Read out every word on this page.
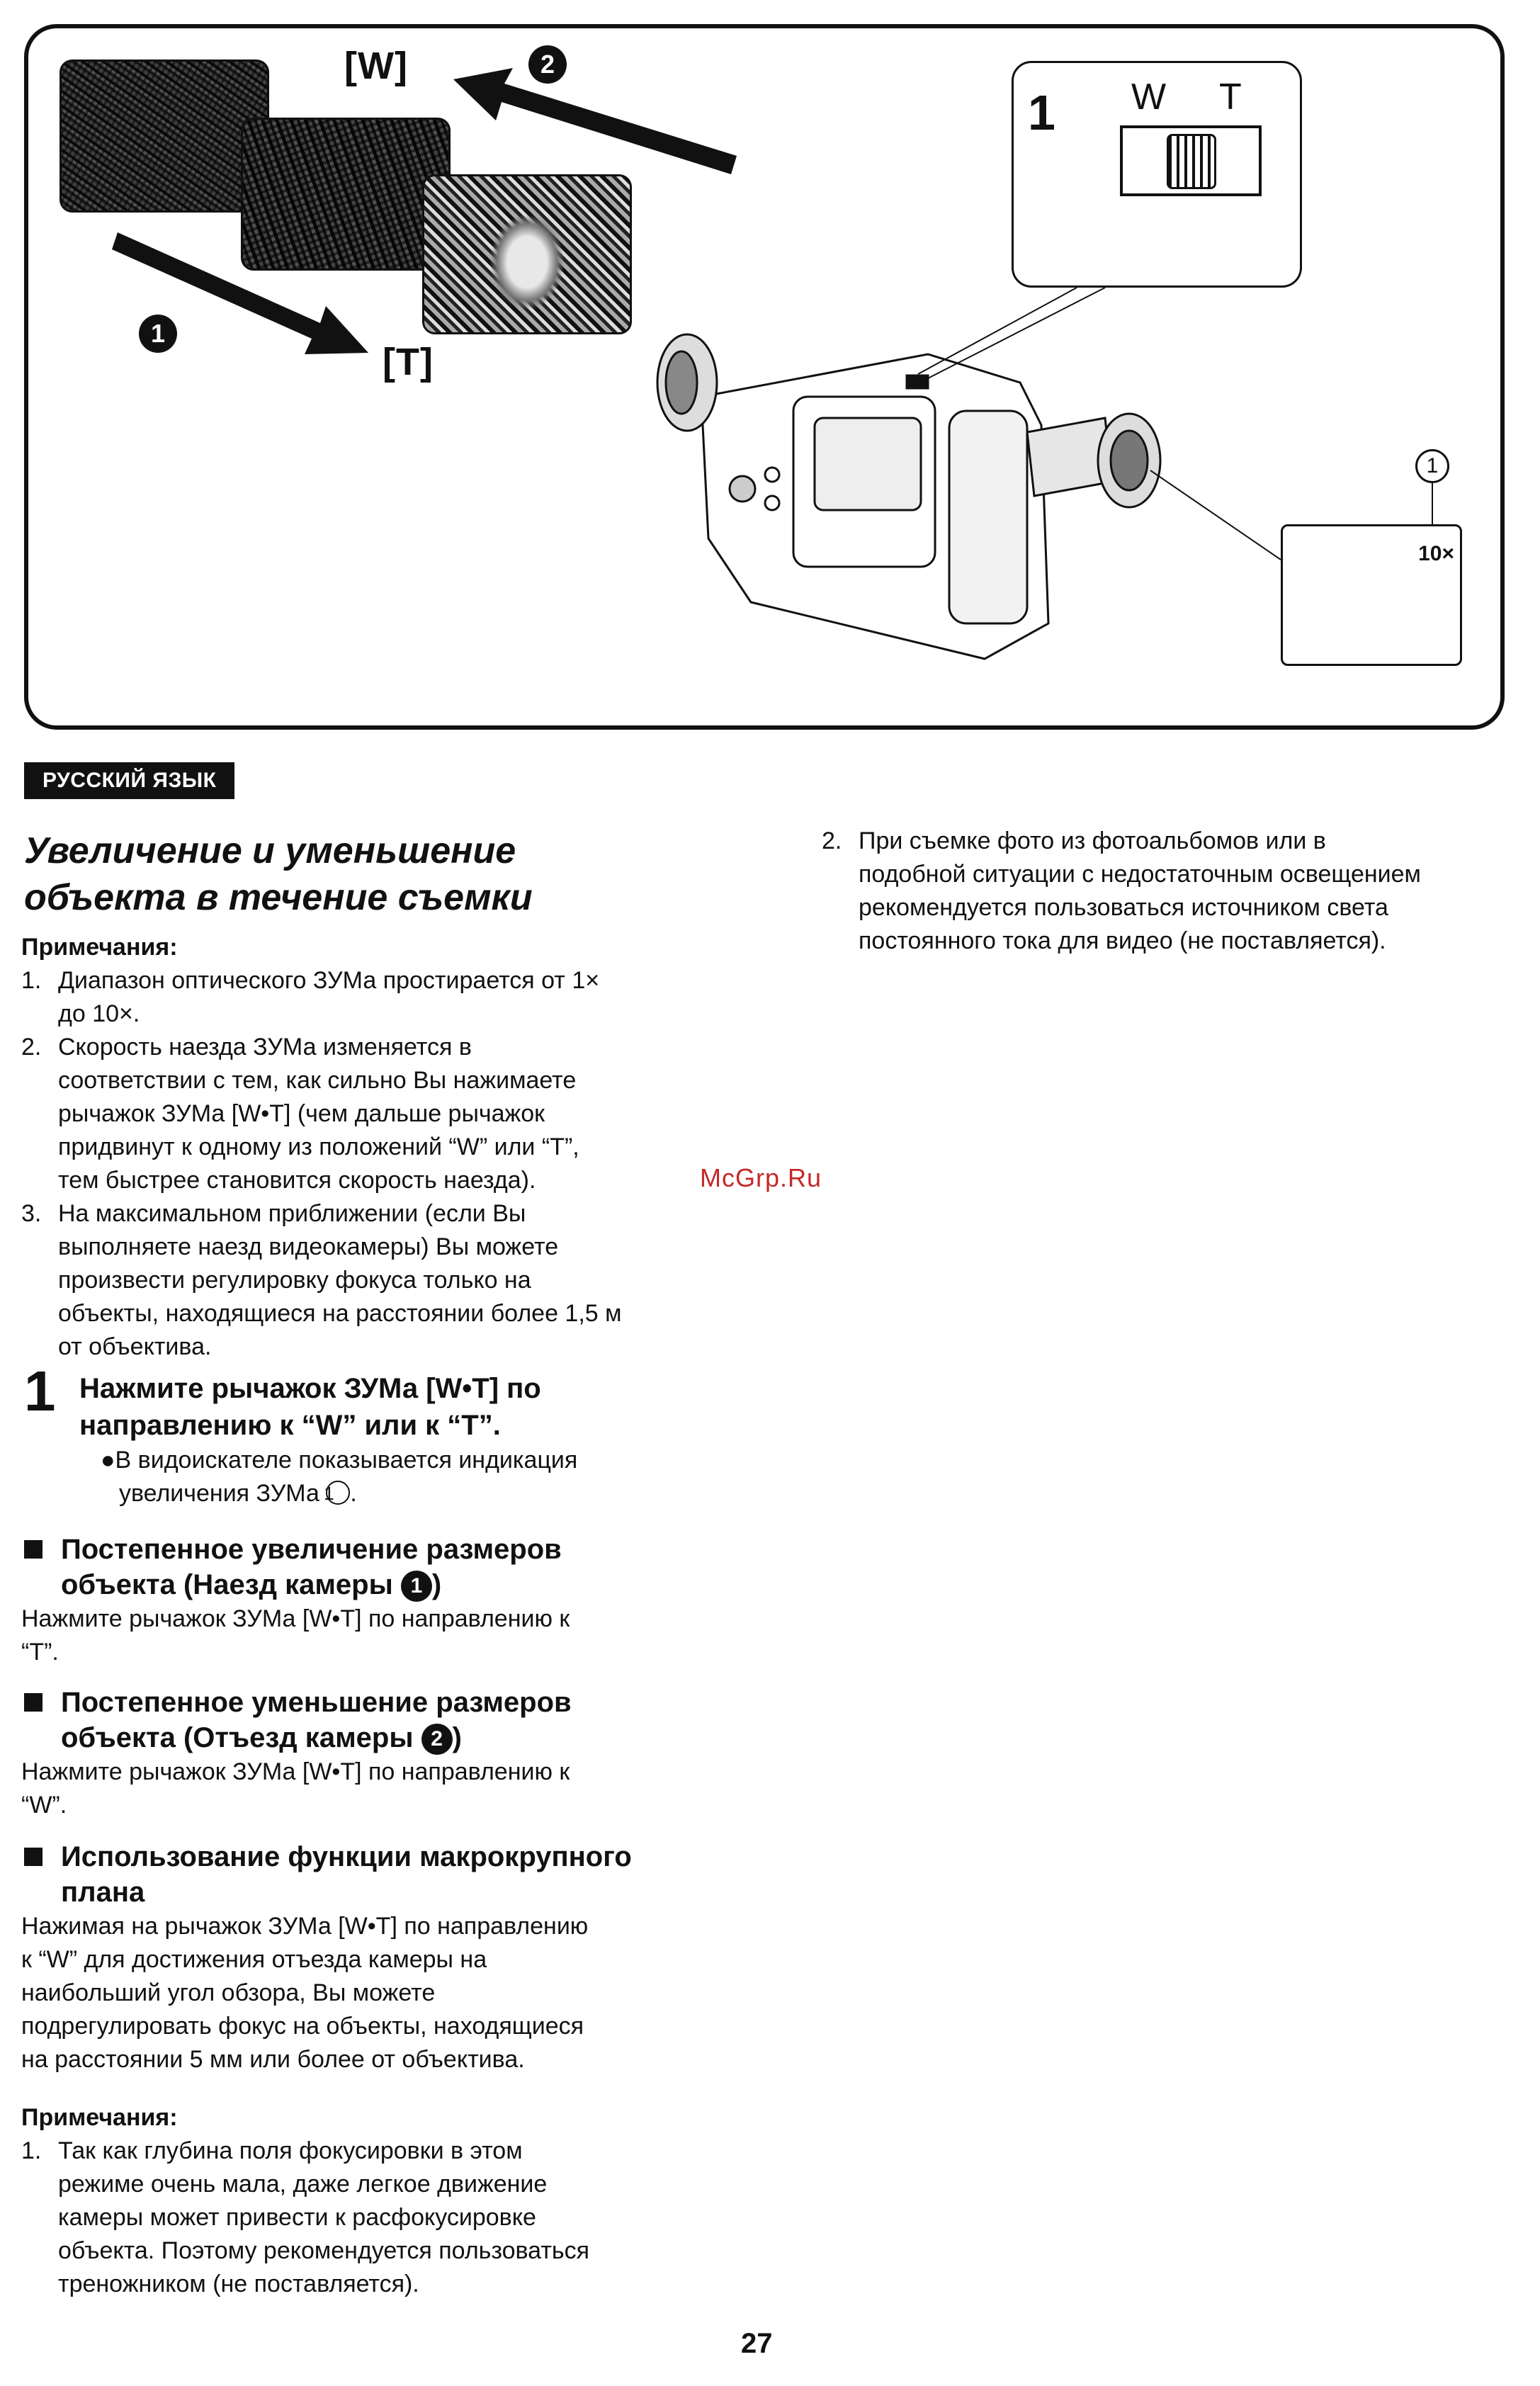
[W]
[T]
2
1
1 W T
1
10×
РУССКИЙ ЯЗЫК
Увеличение и уменьшение
объекта в течение съемки

Примечания:

1. Диапазон оптического ЗУМа простирается от 1×
до 10×.
2. Скорость наезда ЗУМа изменяется в
соответствии с тем, как сильно Вы нажимаете
рычажок ЗУМа [W•T] (чем дальше рычажок
придвинут к одному из положений “W” или “T”,
тем быстрее становится скорость наезда).
3. На максимальном приближении (если Вы
выполняете наезд видеокамеры) Вы можете
произвести регулировку фокуса только на
объекты, находящиеся на расстоянии более 1,5 м
от объектива.
1 Нажмите рычажок ЗУМа [W•T] по
направлению к “W” или к “T”.
●В видоискателе показывается индикация
увеличения ЗУМа 1 .
Постепенное увеличение размеров
объекта (Наезд камеры 1 )
Нажмите рычажок ЗУМа [W•T] по направлению к
“T”.
Постепенное уменьшение размеров
объекта (Отъезд камеры 2 )
Нажмите рычажок ЗУМа [W•T] по направлению к
“W”.
Использование функции макрокрупного
плана
Нажимая на рычажок ЗУМа [W•T] по направлению
к “W” для достижения отъезда камеры на
наибольший угол обзора, Вы можете
подрегулировать фокус на объекты, находящиеся
на расстоянии 5 мм или более от объектива.

Примечания:

1. Так как глубина поля фокусировки в этом
режиме очень мала, даже легкое движение
камеры может привести к расфокусировке
объекта. Поэтому рекомендуется пользоваться
треножником (не поставляется).
2. При съемке фото из фотоальбомов или в
подобной ситуации с недостаточным освещением
рекомендуется пользоваться источником света
постоянного тока для видео (не поставляется).
McGrp.Ru
27
